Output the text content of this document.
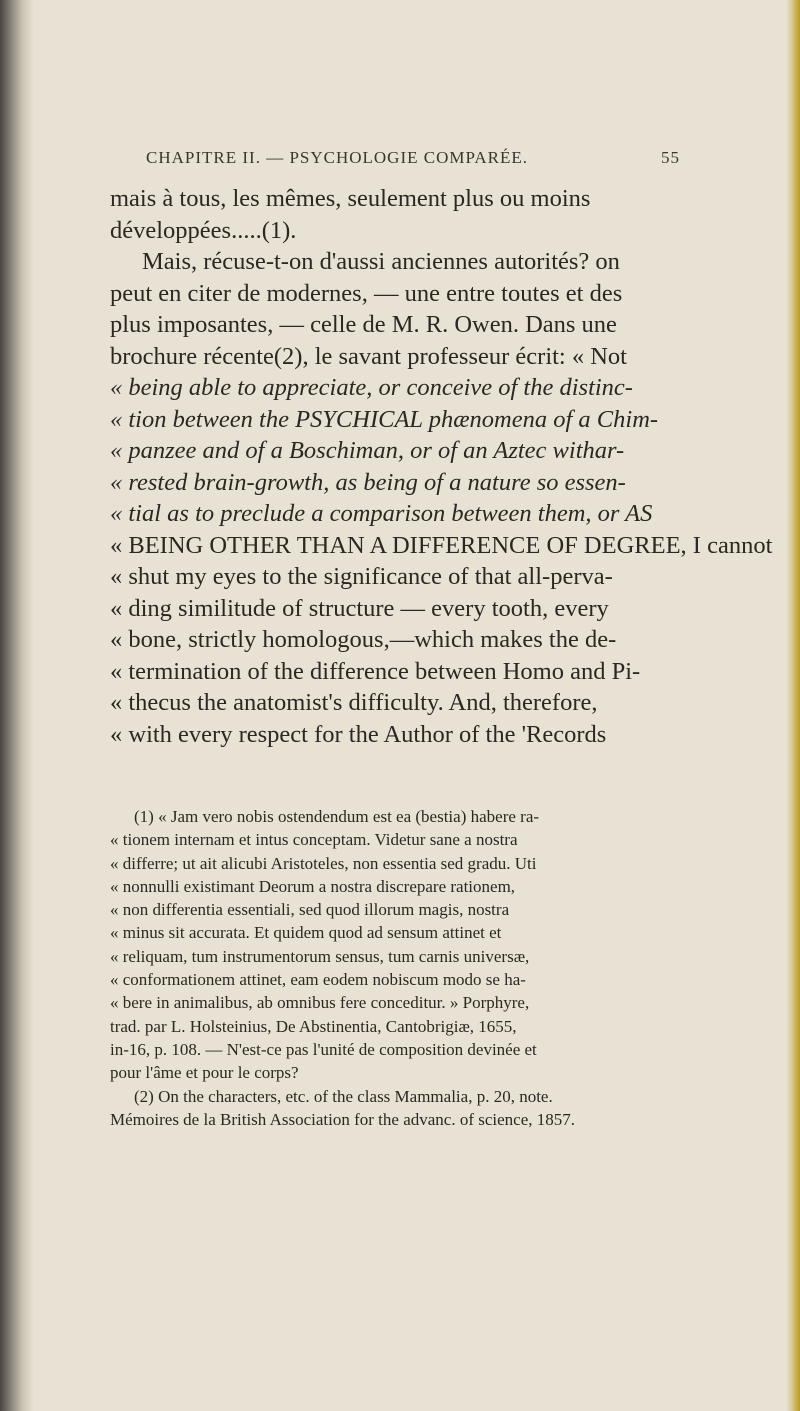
CHAPITRE II. — PSYCHOLOGIE COMPARÉE.	55
mais à tous, les mêmes, seulement plus ou moins
développées.....(1).
Mais, récuse-t-on d'aussi anciennes autorités? on
peut en citer de modernes, — une entre toutes et des
plus imposantes, — celle de M. R. Owen. Dans une
brochure récente(2), le savant professeur écrit: « Not
« being able to appreciate, or conceive of the distinc-
« tion between the PSYCHICAL phænomena of a Chim-
« panzee and of a Boschiman, or of an Aztec withar-
« rested brain-growth, as being of a nature so essen-
« tial as to preclude a comparison between them, or AS
« BEING OTHER THAN A DIFFERENCE OF DEGREE, I cannot
« shut my eyes to the significance of that all-perva-
« ding similitude of structure — every tooth, every
« bone, strictly homologous,—which makes the de-
« termination of the difference between Homo and Pi-
« thecus the anatomist's difficulty. And, therefore,
« with every respect for the Author of the 'Records
(1) « Jam vero nobis ostendendum est ea (bestia) habere ra-
« tionem internam et intus conceptam. Videtur sane a nostra
« differre; ut ait alicubi Aristoteles, non essentia sed gradu. Uti
« nonnulli existimant Deorum a nostra discrepare rationem,
« non differentia essentiali, sed quod illorum magis, nostra
« minus sit accurata. Et quidem quod ad sensum attinet et
« reliquam, tum instrumentorum sensus, tum carnis universæ,
« conformationem attinet, eam eodem nobiscum modo se ha-
« bere in animalibus, ab omnibus fere conceditur. » Porphyre,
trad. par L. Holsteinius, De Abstinentia, Cantobrigiæ, 1655,
in-16, p. 108. — N'est-ce pas l'unité de composition devinée et
pour l'âme et pour le corps?
(2) On the characters, etc. of the class Mammalia, p. 20, note.
Mémoires de la British Association for the advanc. of science, 1857.
